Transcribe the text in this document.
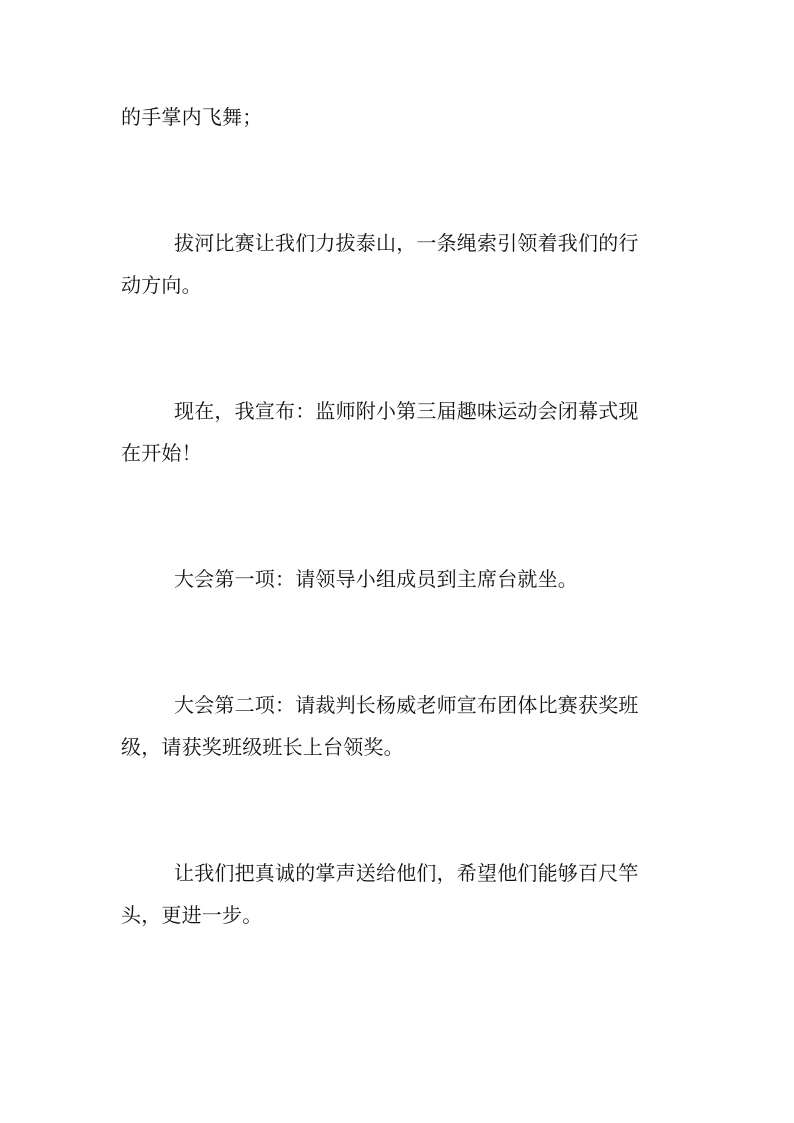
的手掌内飞舞；

拔河比赛让我们力拔泰山，一条绳索引领着我们的行

动方向。

现在，我宣布：监师附小第三届趣味运动会闭幕式现

在开始！

大会第一项：请领导小组成员到主席台就坐。

大会第二项：请裁判长杨威老师宣布团体比赛获奖班

级，请获奖班级班长上台领奖。

让我们把真诚的掌声送给他们，希望他们能够百尺竿

头，更进一步。
